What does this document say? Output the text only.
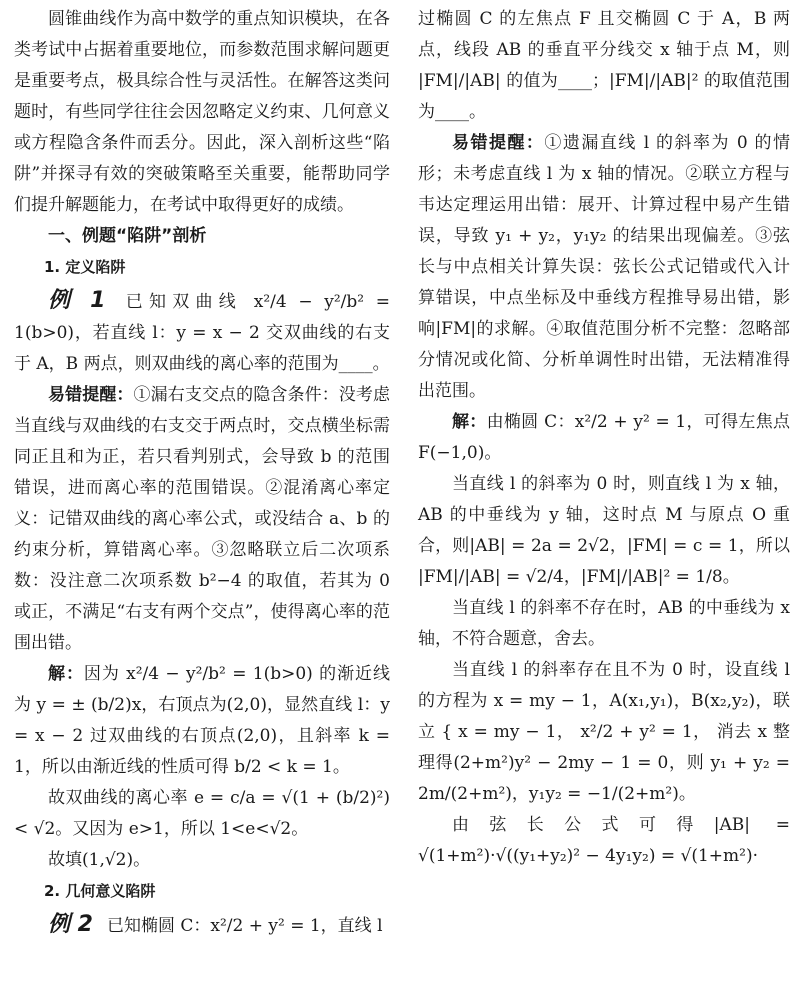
圆锥曲线作为高中数学的重点知识模块，在各类考试中占据着重要地位，而参数范围求解问题更是重要考点，极具综合性与灵活性。在解答这类问题时，有些同学往往会因忽略定义约束、几何意义或方程隐含条件而丢分。因此，深入剖析这些“陷阱”并探寻有效的突破策略至关重要，能帮助同学们提升解题能力，在考试中取得更好的成绩。

一、例题“陷阱”剖析

1. 定义陷阱

例 1 已知双曲线 x²/4 − y²/b² = 1(b>0)，若直线 l：y = x − 2 交双曲线的右支于 A，B 两点，则双曲线的离心率的范围为____。

易错提醒：①漏右支交点的隐含条件：没考虑当直线与双曲线的右支交于两点时，交点横坐标需同正且和为正，若只看判别式，会导致 b 的范围错误，进而离心率的范围错误。②混淆离心率定义：记错双曲线的离心率公式，或没结合 a、b 的约束分析，算错离心率。③忽略联立后二次项系数：没注意二次项系数 b²−4 的取值，若其为 0 或正，不满足“右支有两个交点”，使得离心率的范围出错。

解：因为 x²/4 − y²/b² = 1(b>0) 的渐近线为 y = ± (b/2)x，右顶点为(2,0)，显然直线 l：y = x − 2 过双曲线的右顶点(2,0)，且斜率 k = 1，所以由渐近线的性质可得 b/2 < k = 1。

故双曲线的离心率 e = c/a = √(1 + (b/2)²) < √2。又因为 e>1，所以 1<e<√2。

故填(1,√2)。

2. 几何意义陷阱

例 2 已知椭圆 C：x²/2 + y² = 1，直线 l

过椭圆 C 的左焦点 F 且交椭圆 C 于 A，B 两点，线段 AB 的垂直平分线交 x 轴于点 M，则 |FM|/|AB| 的值为____；|FM|/|AB|² 的取值范围为____。

易错提醒：①遗漏直线 l 的斜率为 0 的情形；未考虑直线 l 为 x 轴的情况。②联立方程与韦达定理运用出错：展开、计算过程中易产生错误，导致 y₁ + y₂，y₁y₂ 的结果出现偏差。③弦长与中点相关计算失误：弦长公式记错或代入计算错误，中点坐标及中垂线方程推导易出错，影响|FM|的求解。④取值范围分析不完整：忽略部分情况或化简、分析单调性时出错，无法精准得出范围。

解：由椭圆 C：x²/2 + y² = 1，可得左焦点 F(−1,0)。

当直线 l 的斜率为 0 时，则直线 l 为 x 轴，AB 的中垂线为 y 轴，这时点 M 与原点 O 重合，则|AB| = 2a = 2√2，|FM| = c = 1，所以 |FM|/|AB| = √2/4，|FM|/|AB|² = 1/8。

当直线 l 的斜率不存在时，AB 的中垂线为 x 轴，不符合题意，舍去。

当直线 l 的斜率存在且不为 0 时，设直线 l 的方程为 x = my − 1，A(x₁,y₁)，B(x₂,y₂)，联立 { x = my − 1， x²/2 + y² = 1， 消去 x 整理得(2+m²)y² − 2my − 1 = 0，则 y₁ + y₂ = 2m/(2+m²)，y₁y₂ = −1/(2+m²)。

由弦长公式可得|AB| = √(1+m²)·√((y₁+y₂)² − 4y₁y₂) = √(1+m²)·
